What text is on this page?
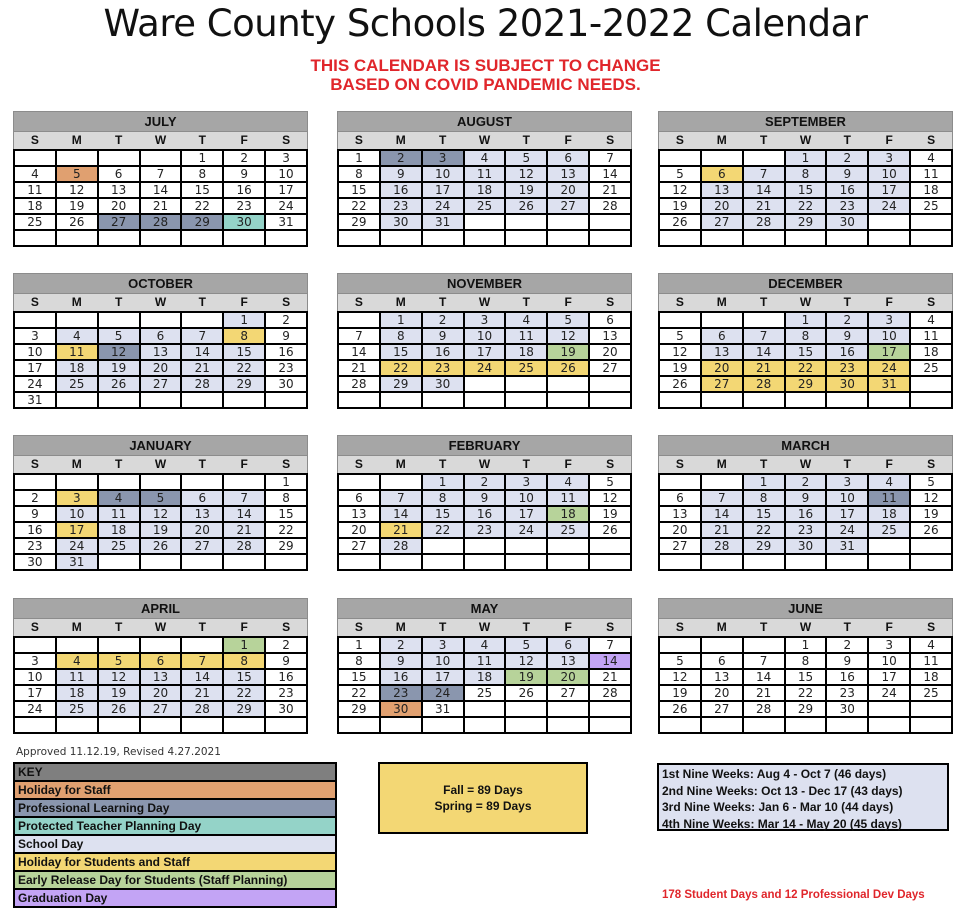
Ware County Schools 2021-2022 Calendar
THIS CALENDAR IS SUBJECT TO CHANGE
BASED ON COVID PANDEMIC NEEDS.
JULY
S	M	T	W	T	F	S
				1	2	3
4	5	6	7	8	9	10
11	12	13	14	15	16	17
18	19	20	21	22	23	24
25	26	27	28	29	30	31

AUGUST
S	M	T	W	T	F	S
1	2	3	4	5	6	7
8	9	10	11	12	13	14
15	16	17	18	19	20	21
22	23	24	25	26	27	28
29	30	31				

SEPTEMBER
S	M	T	W	T	F	S
			1	2	3	4
5	6	7	8	9	10	11
12	13	14	15	16	17	18
19	20	21	22	23	24	25
26	27	28	29	30		

OCTOBER
S	M	T	W	T	F	S
					1	2
3	4	5	6	7	8	9
10	11	12	13	14	15	16
17	18	19	20	21	22	23
24	25	26	27	28	29	30
31						
NOVEMBER
S	M	T	W	T	F	S
	1	2	3	4	5	6
7	8	9	10	11	12	13
14	15	16	17	18	19	20
21	22	23	24	25	26	27
28	29	30				

DECEMBER
S	M	T	W	T	F	S
			1	2	3	4
5	6	7	8	9	10	11
12	13	14	15	16	17	18
19	20	21	22	23	24	25
26	27	28	29	30	31	

JANUARY
S	M	T	W	T	F	S
						1
2	3	4	5	6	7	8
9	10	11	12	13	14	15
16	17	18	19	20	21	22
23	24	25	26	27	28	29
30	31					
FEBRUARY
S	M	T	W	T	F	S
		1	2	3	4	5
6	7	8	9	10	11	12
13	14	15	16	17	18	19
20	21	22	23	24	25	26
27	28					

MARCH
S	M	T	W	T	F	S
		1	2	3	4	5
6	7	8	9	10	11	12
13	14	15	16	17	18	19
20	21	22	23	24	25	26
27	28	29	30	31		

APRIL
S	M	T	W	T	F	S
					1	2
3	4	5	6	7	8	9
10	11	12	13	14	15	16
17	18	19	20	21	22	23
24	25	26	27	28	29	30

MAY
S	M	T	W	T	F	S
1	2	3	4	5	6	7
8	9	10	11	12	13	14
15	16	17	18	19	20	21
22	23	24	25	26	27	28
29	30	31				

JUNE
S	M	T	W	T	F	S
			1	2	3	4
5	6	7	8	9	10	11
12	13	14	15	16	17	18
19	20	21	22	23	24	25
26	27	28	29	30		

Approved 11.12.19, Revised 4.27.2021
KEY
Holiday for Staff
Professional Learning Day
Protected Teacher Planning Day
School Day
Holiday for Students and Staff
Early Release Day for Students (Staff Planning)
Graduation Day
Fall = 89 Days
Spring = 89 Days
1st Nine Weeks: Aug 4 - Oct 7 (46 days)
2nd Nine Weeks: Oct 13 - Dec 17 (43 days)
3rd Nine Weeks: Jan 6 - Mar 10 (44 days)
4th Nine Weeks: Mar 14 - May 20 (45 days)
178 Student Days and 12 Professional Dev Days
